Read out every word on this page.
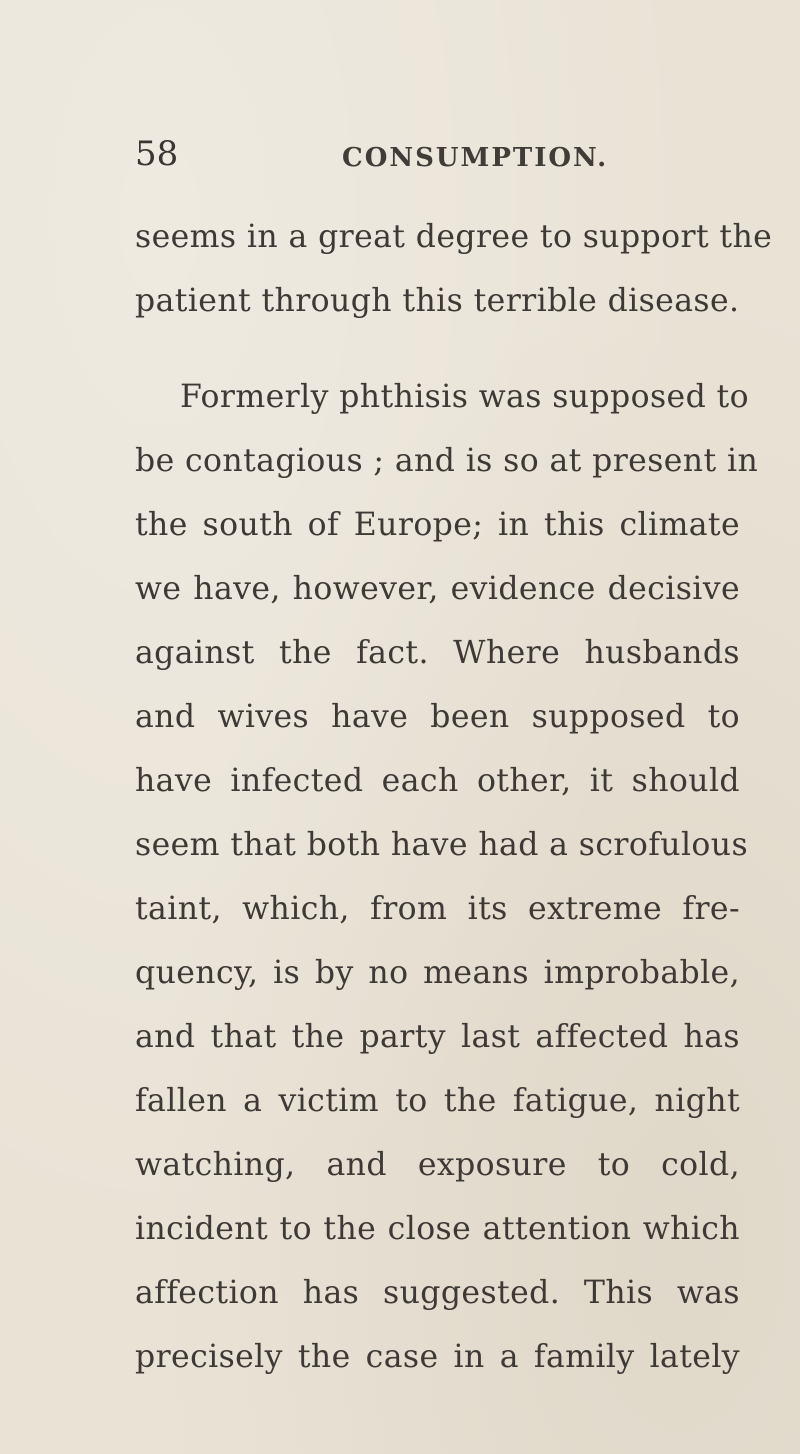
58	CONSUMPTION.
seems in a great degree to support the
patient through this terrible disease.
Formerly phthisis was supposed to
be contagious ; and is so at present in
the south of Europe; in this climate
we have, however, evidence decisive
against the fact. Where husbands
and wives have been supposed to
have infected each other, it should
seem that both have had a scrofulous
taint, which, from its extreme fre-
quency, is by no means improbable,
and that the party last affected has
fallen a victim to the fatigue, night
watching, and exposure to cold,
incident to the close attention which
affection has suggested. This was
precisely the case in a family lately
